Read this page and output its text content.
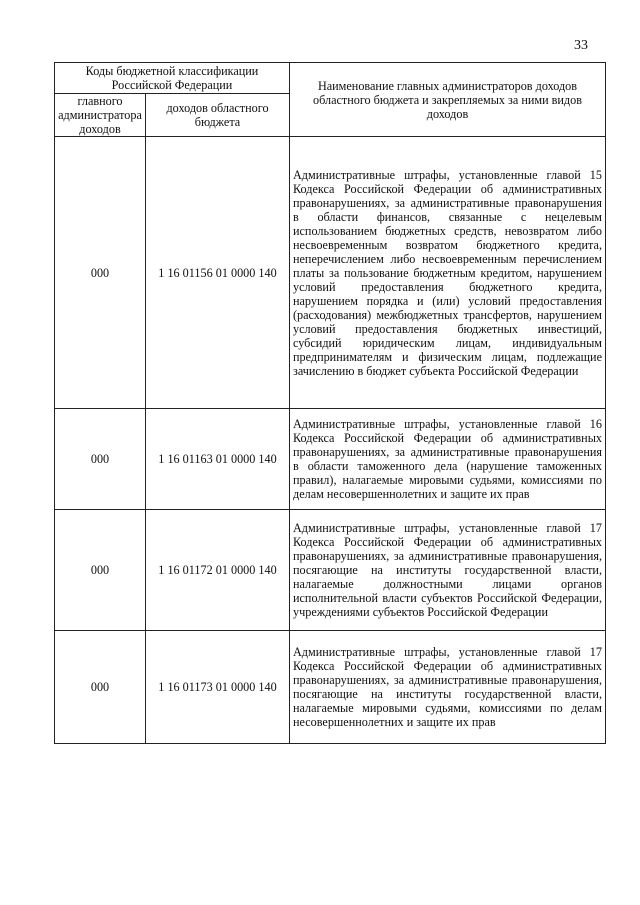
33
Коды бюджетной классификации Российской Федерации		Наименование главных администраторов доходов областного бюджета и закрепляемых за ними видов доходов
главного администратора доходов	доходов областного бюджета	
000	1 16 01156 01 0000 140	Административные штрафы, установленные главой 15 Кодекса Российской Федерации об административных правонарушениях, за административные правонарушения в области финансов, связанные с нецелевым использованием бюджетных средств, невозвратом либо несвоевременным возвратом бюджетного кредита, неперечислением либо несвоевременным перечислением платы за пользование бюджетным кредитом, нарушением условий предоставления бюджетного кредита, нарушением порядка и (или) условий предоставления (расходования) межбюджетных трансфертов, нарушением условий предоставления бюджетных инвестиций, субсидий юридическим лицам, индивидуальным предпринимателям и физическим лицам, подлежащие зачислению в бюджет субъекта Российской Федерации
000	1 16 01163 01 0000 140	Административные штрафы, установленные главой 16 Кодекса Российской Федерации об административных правонарушениях, за административные правонарушения в области таможенного дела (нарушение таможенных правил), налагаемые мировыми судьями, комиссиями по делам несовершеннолетних и защите их прав
000	1 16 01172 01 0000 140	Административные штрафы, установленные главой 17 Кодекса Российской Федерации об административных правонарушениях, за административные правонарушения, посягающие на институты государственной власти, налагаемые должностными лицами органов исполнительной власти субъектов Российской Федерации, учреждениями субъектов Российской Федерации
000	1 16 01173 01 0000 140	Административные штрафы, установленные главой 17 Кодекса Российской Федерации об административных правонарушениях, за административные правонарушения, посягающие на институты государственной власти, налагаемые мировыми судьями, комиссиями по делам несовершеннолетних и защите их прав
